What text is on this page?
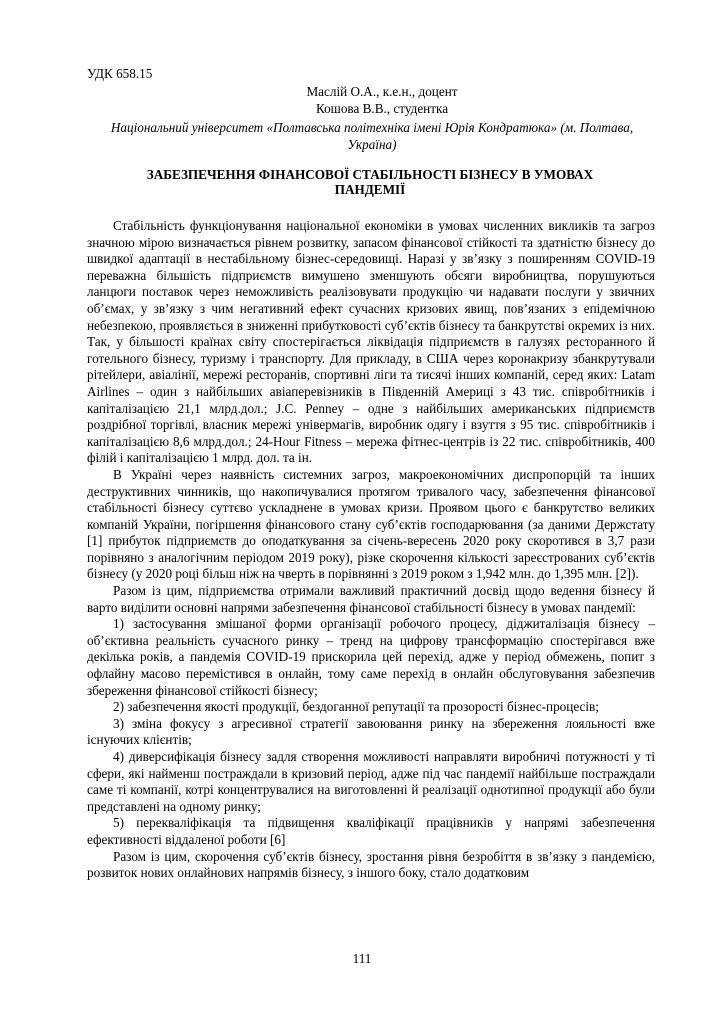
УДК 658.15

Маслій О.А., к.е.н., доцент

Кошова В.В., студентка

Національний університет «Полтавська політехніка імені Юрія Кондратюка» (м. Полтава, Україна)

ЗАБЕЗПЕЧЕННЯ ФІНАНСОВОЇ СТАБІЛЬНОСТІ БІЗНЕСУ В УМОВАХ ПАНДЕМІЇ

Стабільність функціонування національної економіки в умовах численних викликів та загроз значною мірою визначається рівнем розвитку, запасом фінансової стійкості та здатністю бізнесу до швидкої адаптації в нестабільному бізнес-середовищі. Наразі у зв’язку з поширенням COVID-19 переважна більшість підприємств вимушено зменшують обсяги виробництва, порушуються ланцюги поставок через неможливість реалізовувати продукцію чи надавати послуги у звичних об’ємах, у зв’язку з чим негативний ефект сучасних кризових явищ, пов’язаних з епідемічною небезпекою, проявляється в зниженні прибутковості суб’єктів бізнесу та банкрутстві окремих із них. Так, у більшості країнах світу спостерігається ліквідація підприємств в галузях ресторанного й готельного бізнесу, туризму і транспорту. Для прикладу, в США через коронакризу збанкрутували рітейлери, авіалінії, мережі ресторанів, спортивні ліги та тисячі інших компаній, серед яких: Latam Airlines – один з найбільших авіаперевізників в Південній Америці з 43 тис. співробітників і капіталізацією 21,1 млрд.дол.; J.C. Penney – одне з найбільших американських підприємств роздрібної торгівлі, власник мережі універмагів, виробник одягу і взуття з 95 тис. співробітників і капіталізацією 8,6 млрд.дол.; 24-Hour Fitness – мережа фітнес-центрів із 22 тис. співробітників, 400 філій і капіталізацією 1 млрд. дол. та ін.

В Україні через наявність системних загроз, макроекономічних диспропорцій та інших деструктивних чинників, що накопичувалися протягом тривалого часу, забезпечення фінансової стабільності бізнесу суттєво ускладнене в умовах кризи. Проявом цього є банкрутство великих компаній України, погіршення фінансового стану суб’єктів господарювання (за даними Держстату [1] прибуток підприємств до оподаткування за січень-вересень 2020 року скоротився в 3,7 рази порівняно з аналогічним періодом 2019 року), різке скорочення кількості зареєстрованих суб’єктів бізнесу (у 2020 році більш ніж на чверть в порівнянні з 2019 роком з 1,942 млн. до 1,395 млн. [2]).

Разом із цим, підприємства отримали важливий практичний досвід щодо ведення бізнесу й варто виділити основні напрями забезпечення фінансової стабільності бізнесу в умовах пандемії:

1) застосування змішаної форми організації робочого процесу, діджиталізація бізнесу – об’єктивна реальність сучасного ринку – тренд на цифрову трансформацію спостерігався вже декілька років, а пандемія COVID-19 прискорила цей перехід, адже у період обмежень, попит з офлайну масово перемістився в онлайн, тому саме перехід в онлайн обслуговування забезпечив збереження фінансової стійкості бізнесу;

2) забезпечення якості продукції, бездоганної репутації та прозорості бізнес-процесів;

3) зміна фокусу з агресивної стратегії завоювання ринку на збереження лояльності вже існуючих клієнтів;

4) диверсифікація бізнесу задля створення можливості направляти виробничі потужності у ті сфери, які найменш постраждали в кризовий період, адже під час пандемії найбільше постраждали саме ті компанії, котрі концентрувалися на виготовленні й реалізації однотипної продукції або були представлені на одному ринку;

5) перекваліфікація та підвищення кваліфікації працівників у напрямі забезпечення ефективності віддаленої роботи [6]

Разом із цим, скорочення суб’єктів бізнесу, зростання рівня безробіття в зв’язку з пандемією, розвиток нових онлайнових напрямів бізнесу, з іншого боку, стало додатковим

111
